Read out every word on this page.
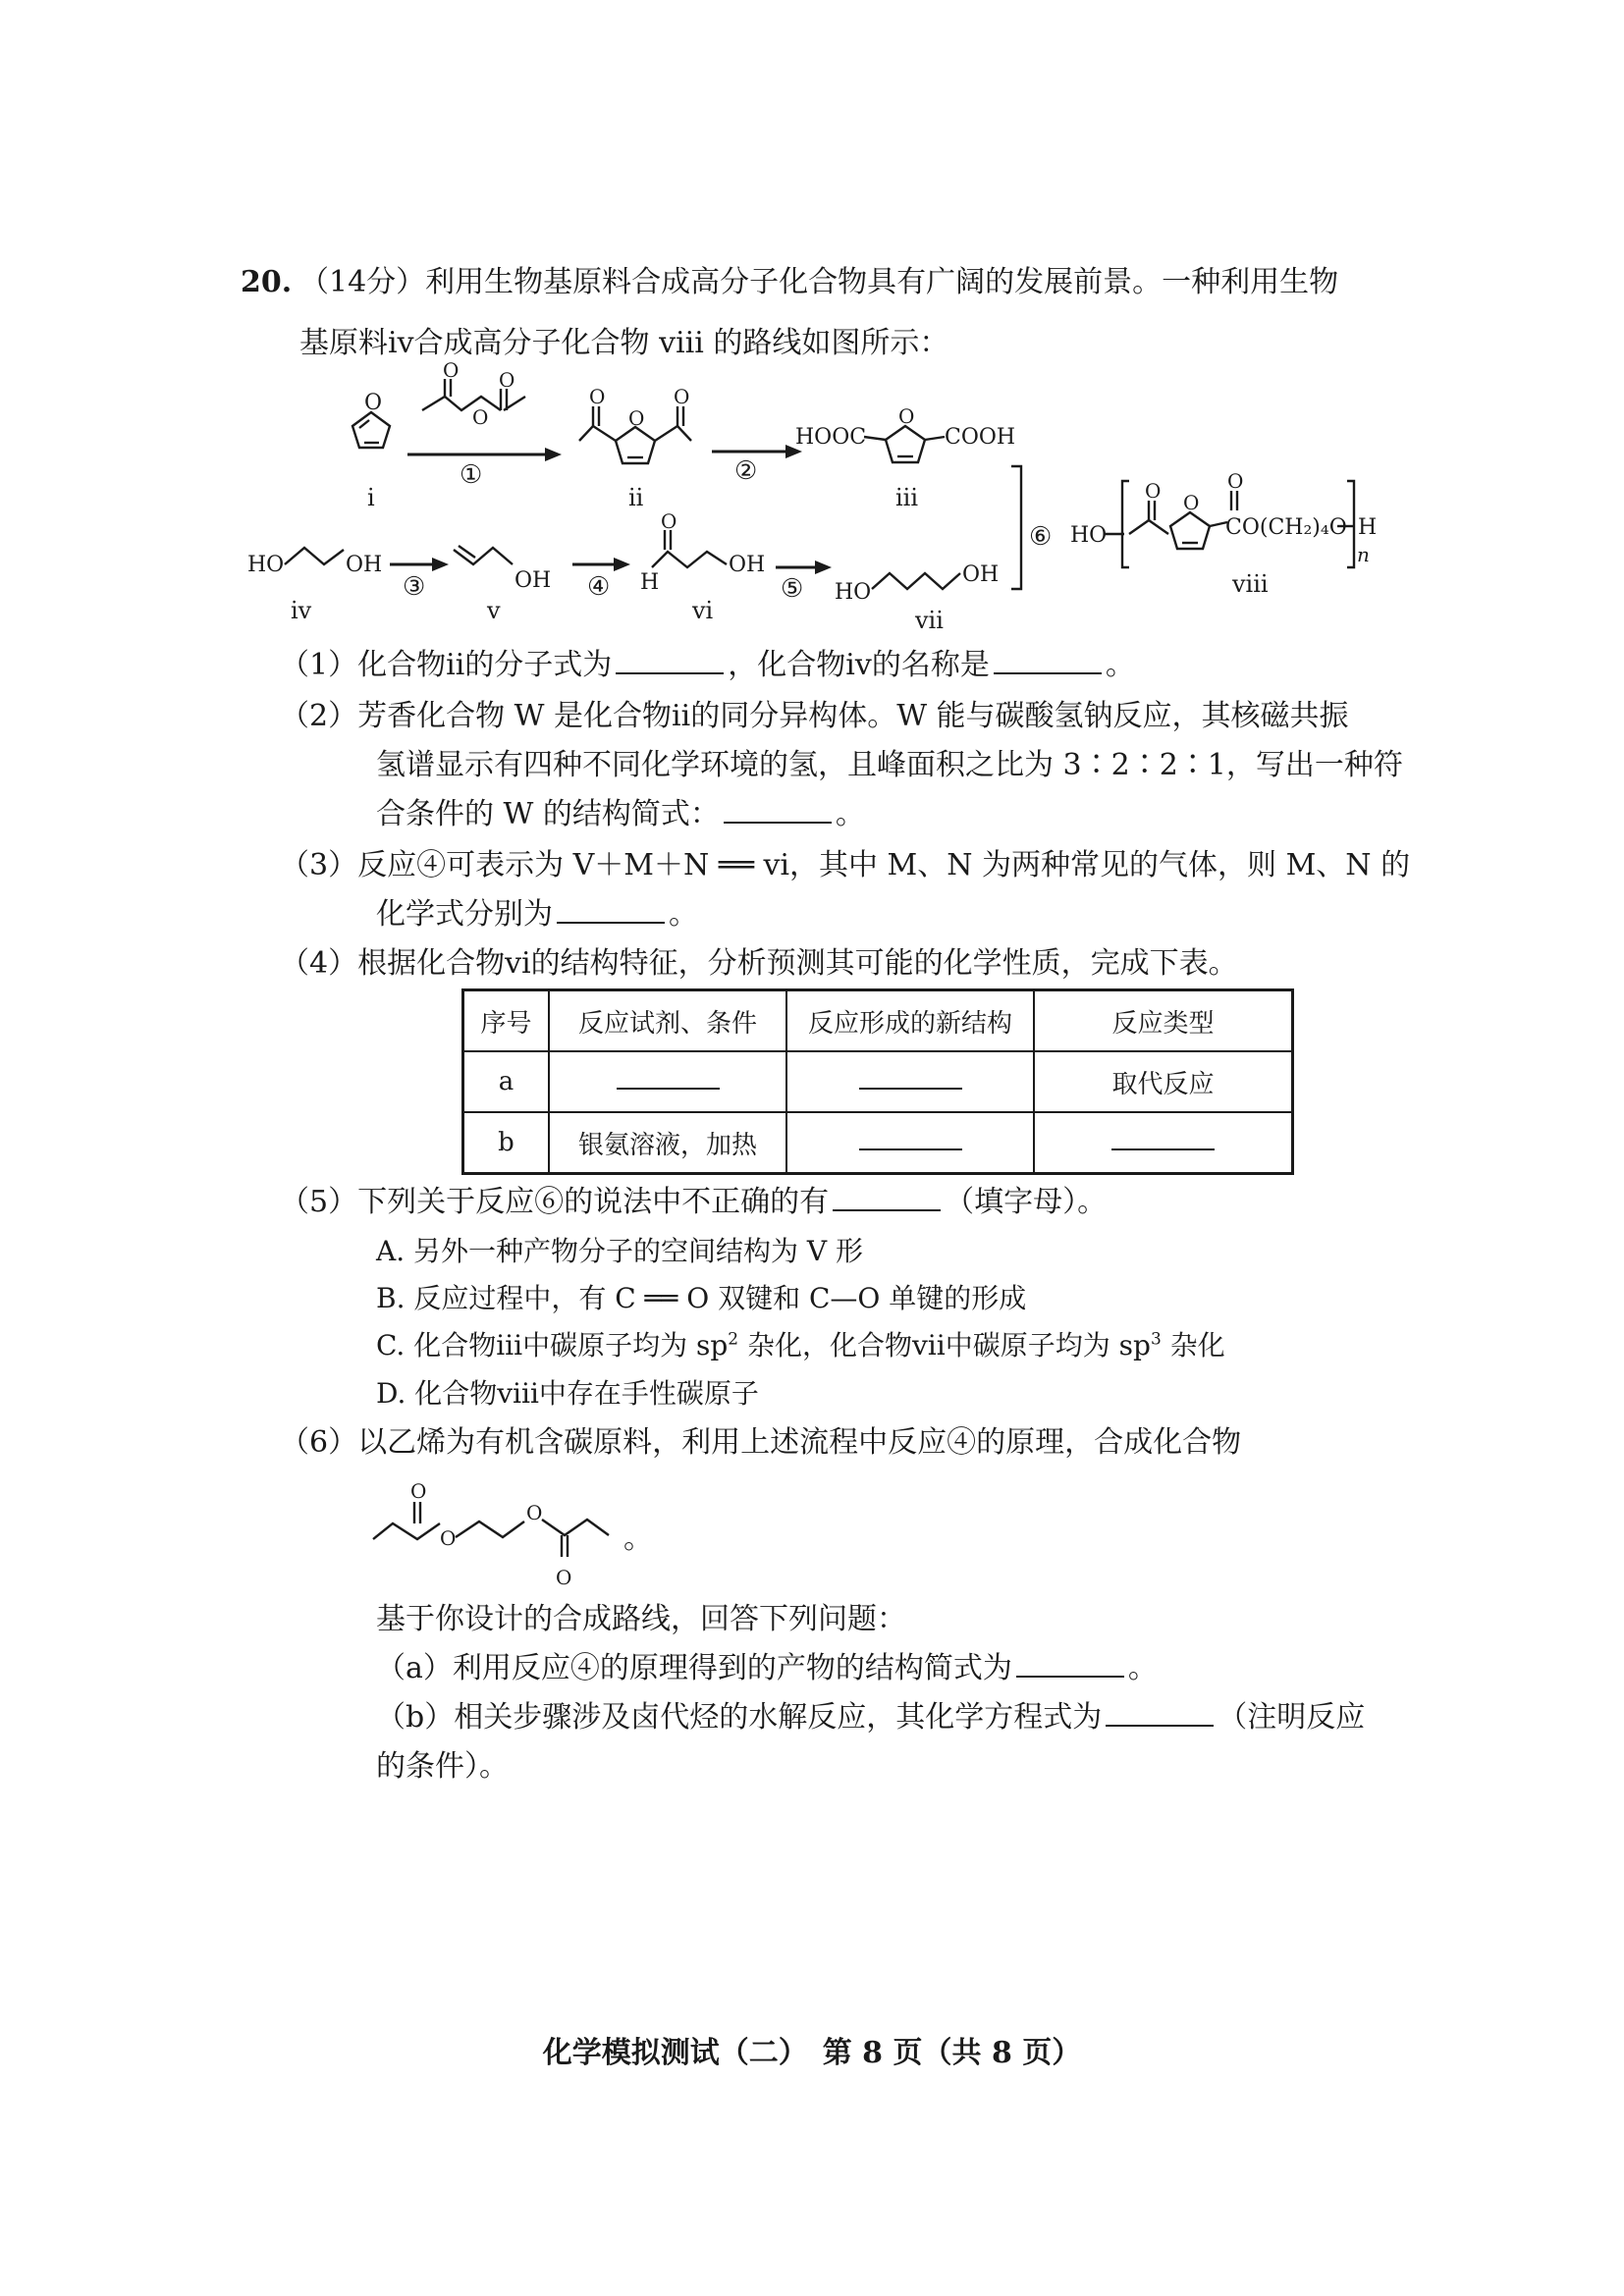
20. （14分）利用生物基原料合成高分子化合物具有广阔的发展前景。一种利用生物
基原料ⅳ合成高分子化合物 ⅷ 的路线如图所示：
O
i
O O
O
①
O	O
O
ii
②
HOOC	COOH
O
iii
⑥ HO
O O
O
CO(CH₂)₄O H
n
viii
HO	OH
iv
③	OH
v
④
O
H
OH
vi
⑤ HO
OH
vii
O
O
O
O
（1）化合物ⅱ的分子式为	，化合物ⅳ的名称是	。
（2）芳香化合物 W 是化合物ⅱ的同分异构体。W 能与碳酸氢钠反应，其核磁共振
氢谱显示有四种不同化学环境的氢，且峰面积之比为 3∶2∶2∶1，写出一种符
合条件的 W 的结构简式：	。
（3）反应④可表示为 V＋M＋N ══ ⅵ，其中 M、N 为两种常见的气体，则 M、N 的
化学式分别为	。
（4）根据化合物ⅵ的结构特征，分析预测其可能的化学性质，完成下表。
序号	反应试剂、条件	反应形成的新结构	反应类型
a			取代反应
b	银氨溶液，加热		
（5）下列关于反应⑥的说法中不正确的有	（填字母）。
A. 另外一种产物分子的空间结构为 V 形
B. 反应过程中，有 C ══ O 双键和 C—O 单键的形成
C. 化合物ⅲ中碳原子均为 $sp^2$ 杂化，化合物ⅶ中碳原子均为 $sp^3$ 杂化
D. 化合物ⅷ中存在手性碳原子
（6）以乙烯为有机含碳原料，利用上述流程中反应④的原理，合成化合物
。
基于你设计的合成路线，回答下列问题：
（a）利用反应④的原理得到的产物的结构简式为	。
（b）相关步骤涉及卤代烃的水解反应，其化学方程式为	（注明反应
的条件）。
化学模拟测试（二）　第 8 页（共 8 页）
